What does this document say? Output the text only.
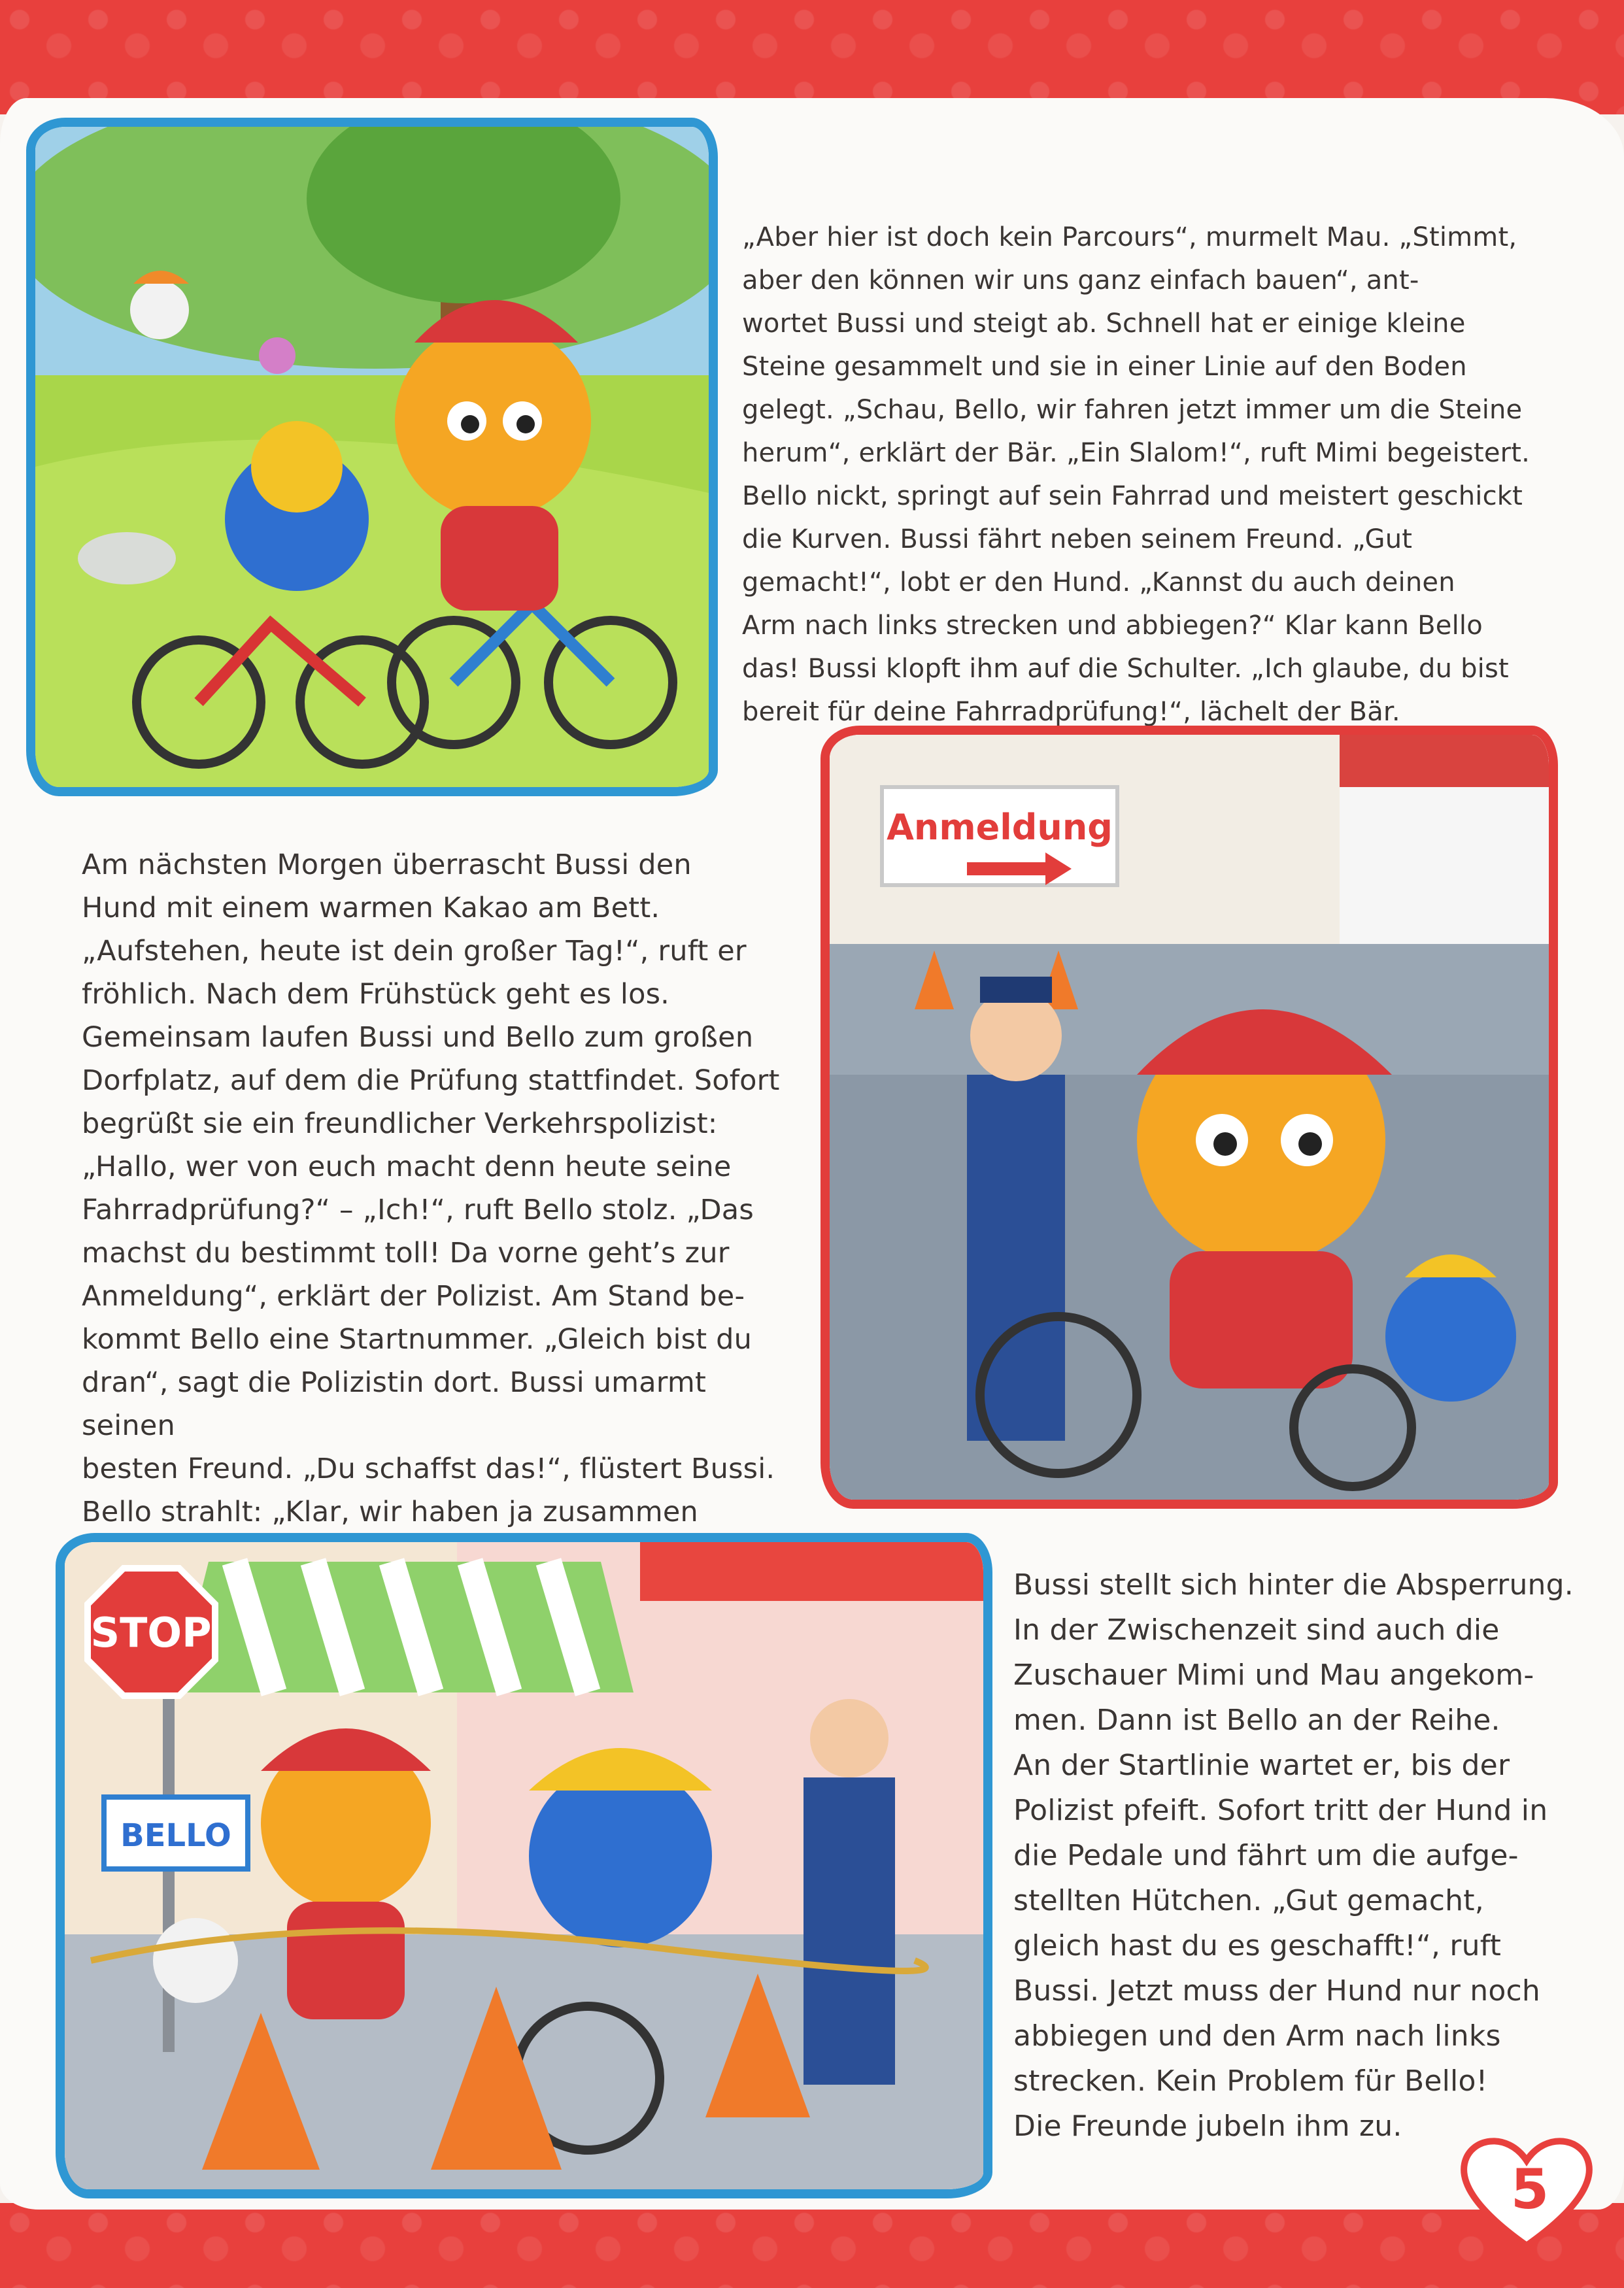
„Aber hier ist doch kein Parcours“, murmelt Mau. „Stimmt,
aber den können wir uns ganz einfach bauen“, ant-
wortet Bussi und steigt ab. Schnell hat er einige kleine
Steine gesammelt und sie in einer Linie auf den Boden
gelegt. „Schau, Bello, wir fahren jetzt immer um die Steine
herum“, erklärt der Bär. „Ein Slalom!“, ruft Mimi begeistert.
Bello nickt, springt auf sein Fahrrad und meistert geschickt
die Kurven. Bussi fährt neben seinem Freund. „Gut
gemacht!“, lobt er den Hund. „Kannst du auch deinen
Arm nach links strecken und abbiegen?“ Klar kann Bello
das! Bussi klopft ihm auf die Schulter. „Ich glaube, du bist
bereit für deine Fahrradprüfung!“, lächelt der Bär.

Anmeldung

Am nächsten Morgen überrascht Bussi den
Hund mit einem warmen Kakao am Bett.
„Aufstehen, heute ist dein großer Tag!“, ruft er
fröhlich. Nach dem Frühstück geht es los.
Gemeinsam laufen Bussi und Bello zum großen
Dorfplatz, auf dem die Prüfung stattfindet. Sofort
begrüßt sie ein freundlicher Verkehrspolizist:
„Hallo, wer von euch macht denn heute seine
Fahrradprüfung?“ – „Ich!“, ruft Bello stolz. „Das
machst du bestimmt toll! Da vorne geht’s zur
Anmeldung“, erklärt der Polizist. Am Stand be-
kommt Bello eine Startnummer. „Gleich bist du
dran“, sagt die Polizistin dort. Bussi umarmt seinen
besten Freund. „Du schaffst das!“, flüstert Bussi.
Bello strahlt: „Klar, wir haben ja zusammen

STOP
BELLO

Bussi stellt sich hinter die Absperrung.
In der Zwischenzeit sind auch die
Zuschauer Mimi und Mau angekom-
men. Dann ist Bello an der Reihe.
An der Startlinie wartet er, bis der
Polizist pfeift. Sofort tritt der Hund in
die Pedale und fährt um die aufge-
stellten Hütchen. „Gut gemacht,
gleich hast du es geschafft!“, ruft
Bussi. Jetzt muss der Hund nur noch
abbiegen und den Arm nach links
strecken. Kein Problem für Bello!
Die Freunde jubeln ihm zu.

5
